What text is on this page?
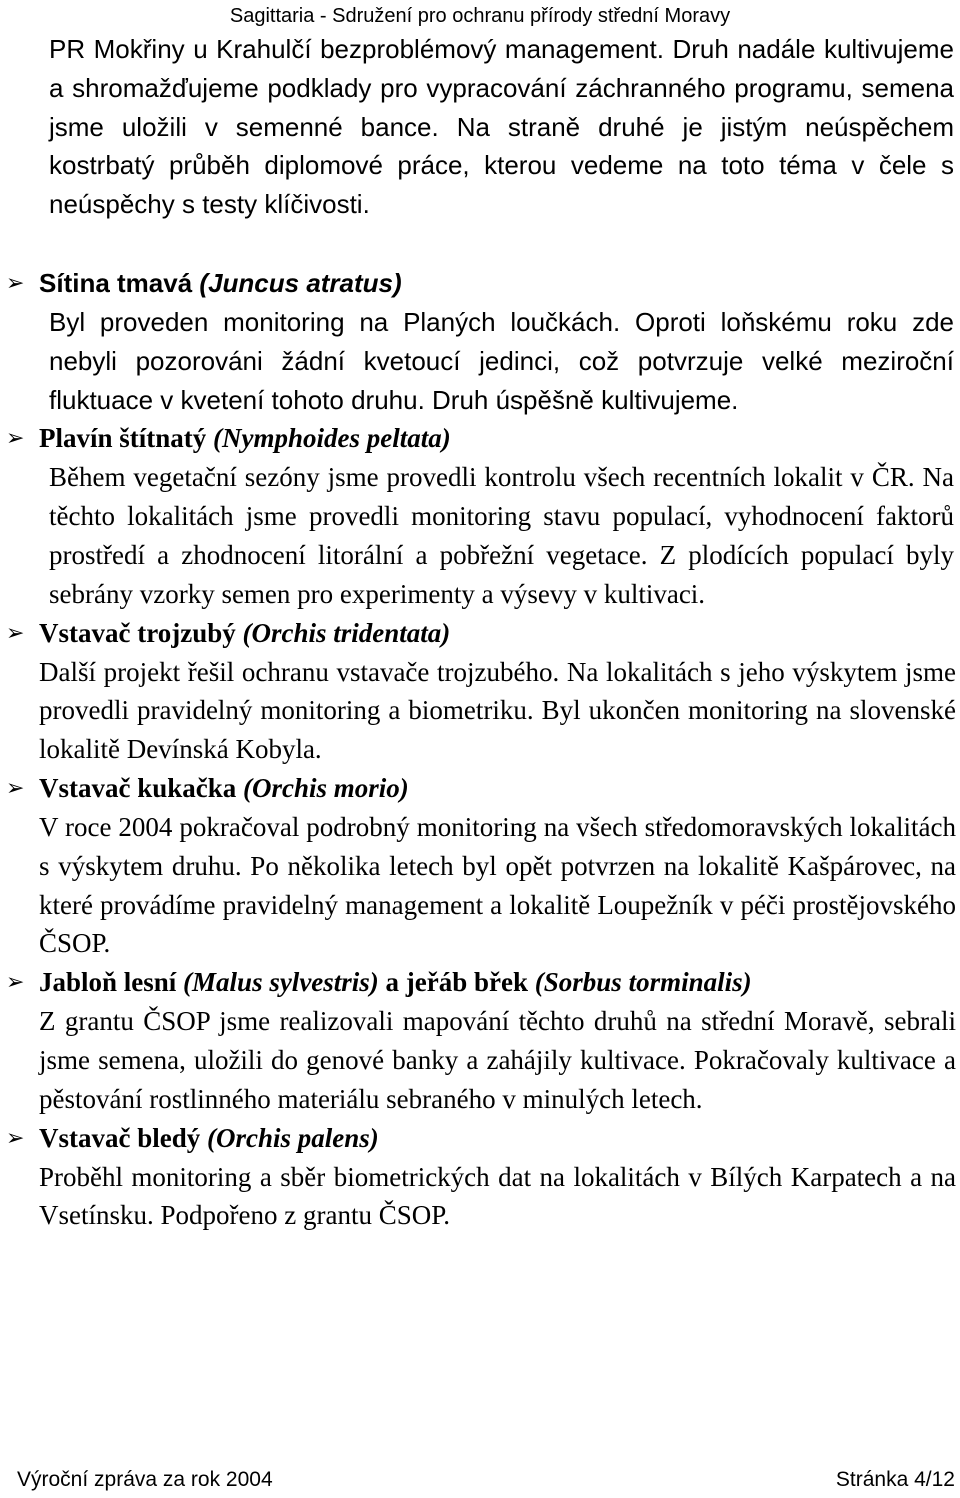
Sagittaria - Sdružení pro ochranu přírody střední Moravy
PR Mokřiny u Krahulčí bezproblémový management. Druh nadále kultivujeme a shromažďujeme podklady pro vypracování záchranného programu, semena jsme uložili v semenné bance. Na straně druhé je jistým neúspěchem kostrbatý průběh diplomové práce, kterou vedeme na toto téma v čele s neúspěchy s testy klíčivosti.
➢ Sítina tmavá (Juncus atratus)
Byl proveden monitoring na Planých loučkách. Oproti loňskému roku zde nebyli pozorováni žádní kvetoucí jedinci, což potvrzuje velké meziroční fluktuace v kvetení tohoto druhu. Druh úspěšně kultivujeme.
➢ Plavín štítnatý (Nymphoides peltata)
Během vegetační sezóny jsme provedli kontrolu všech recentních lokalit v ČR. Na těchto lokalitách jsme provedli monitoring stavu populací, vyhodnocení faktorů prostředí a zhodnocení litorální a pobřežní vegetace. Z plodících populací byly sebrány vzorky semen pro experimenty a výsevy v kultivaci.
➢ Vstavač trojzubý (Orchis tridentata)
Další projekt řešil ochranu vstavače trojzubého. Na lokalitách s jeho výskytem jsme provedli pravidelný monitoring a biometriku. Byl ukončen monitoring na slovenské lokalitě Devínská Kobyla.
➢ Vstavač kukačka (Orchis morio)
V roce 2004 pokračoval podrobný monitoring na všech středomoravských lokalitách s výskytem druhu. Po několika letech byl opět potvrzen na lokalitě Kašpárovec, na které provádíme pravidelný management a lokalitě Loupežník v péči prostějovského ČSOP.
➢ Jabloň lesní (Malus sylvestris) a jeřáb břek (Sorbus torminalis)
Z grantu ČSOP jsme realizovali mapování těchto druhů na střední Moravě, sebrali jsme semena, uložili do genové banky a zahájily kultivace. Pokračovaly kultivace a pěstování rostlinného materiálu sebraného v minulých letech.
➢ Vstavač bledý (Orchis palens)
Proběhl monitoring a sběr biometrických dat na lokalitách v Bílých Karpatech a na Vsetínsku. Podpořeno z grantu ČSOP.
Výroční zpráva za rok 2004	Stránka 4/12
